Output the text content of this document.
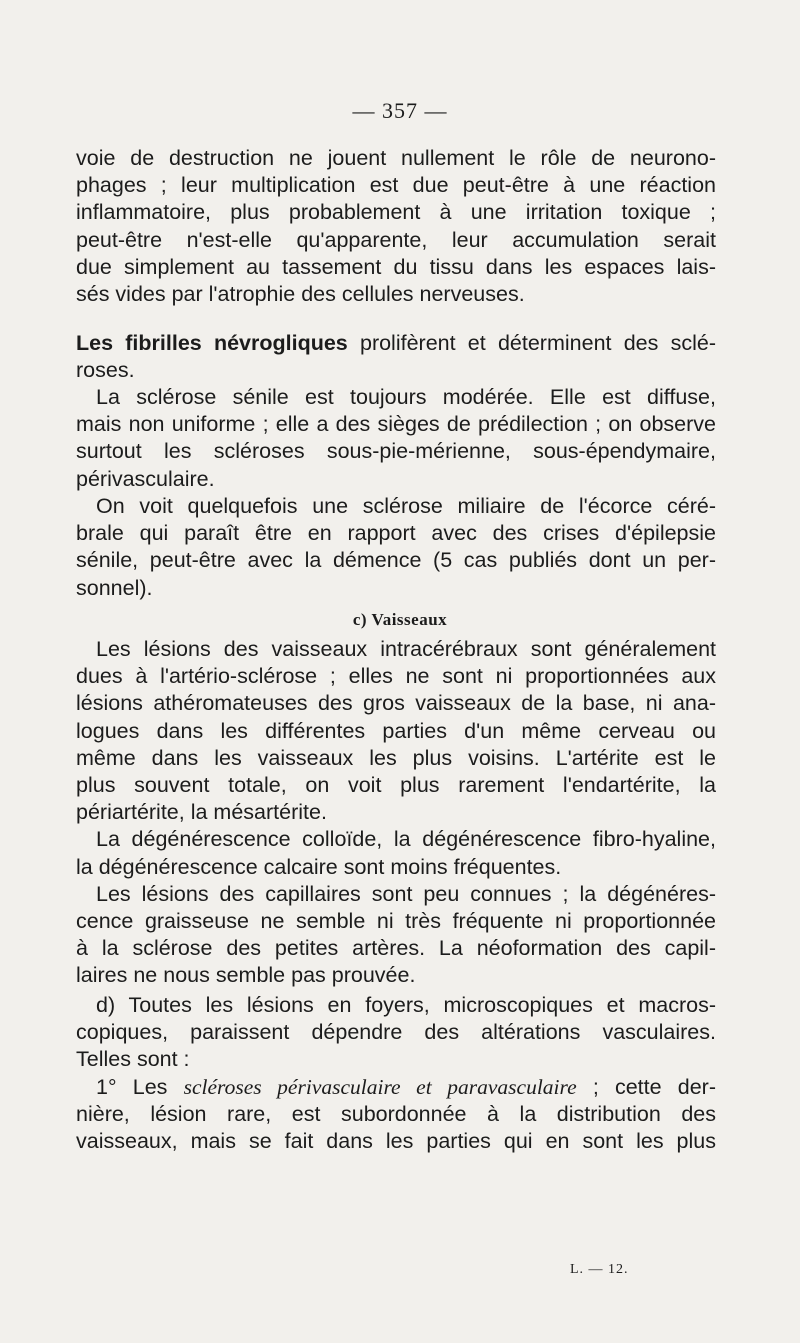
— 357 —
voie de destruction ne jouent nullement le rôle de neurono-
phages ; leur multiplication est due peut-être à une réaction
inflammatoire, plus probablement à une irritation toxique ;
peut-être n'est-elle qu'apparente, leur accumulation serait
due simplement au tassement du tissu dans les espaces lais-
sés vides par l'atrophie des cellules nerveuses.
Les fibrilles névrogliques prolifèrent et déterminent des sclé-
roses.
La sclérose sénile est toujours modérée. Elle est diffuse,
mais non uniforme ; elle a des sièges de prédilection ; on observe
surtout les scléroses sous-pie-mérienne, sous-épendymaire,
périvasculaire.
On voit quelquefois une sclérose miliaire de l'écorce céré-
brale qui paraît être en rapport avec des crises d'épilepsie
sénile, peut-être avec la démence (5 cas publiés dont un per-
sonnel).
c) Vaisseaux
Les lésions des vaisseaux intracérébraux sont généralement
dues à l'artério-sclérose ; elles ne sont ni proportionnées aux
lésions athéromateuses des gros vaisseaux de la base, ni ana-
logues dans les différentes parties d'un même cerveau ou
même dans les vaisseaux les plus voisins. L'artérite est le
plus souvent totale, on voit plus rarement l'endartérite, la
périartérite, la mésartérite.
La dégénérescence colloïde, la dégénérescence fibro-hyaline,
la dégénérescence calcaire sont moins fréquentes.
Les lésions des capillaires sont peu connues ; la dégénéres-
cence graisseuse ne semble ni très fréquente ni proportionnée
à la sclérose des petites artères. La néoformation des capil-
laires ne nous semble pas prouvée.
d) Toutes les lésions en foyers, microscopiques et macros-
copiques, paraissent dépendre des altérations vasculaires.
Telles sont :
1° Les scléroses périvasculaire et paravasculaire ; cette der-
nière, lésion rare, est subordonnée à la distribution des
vaisseaux, mais se fait dans les parties qui en sont les plus
L. — 12.
